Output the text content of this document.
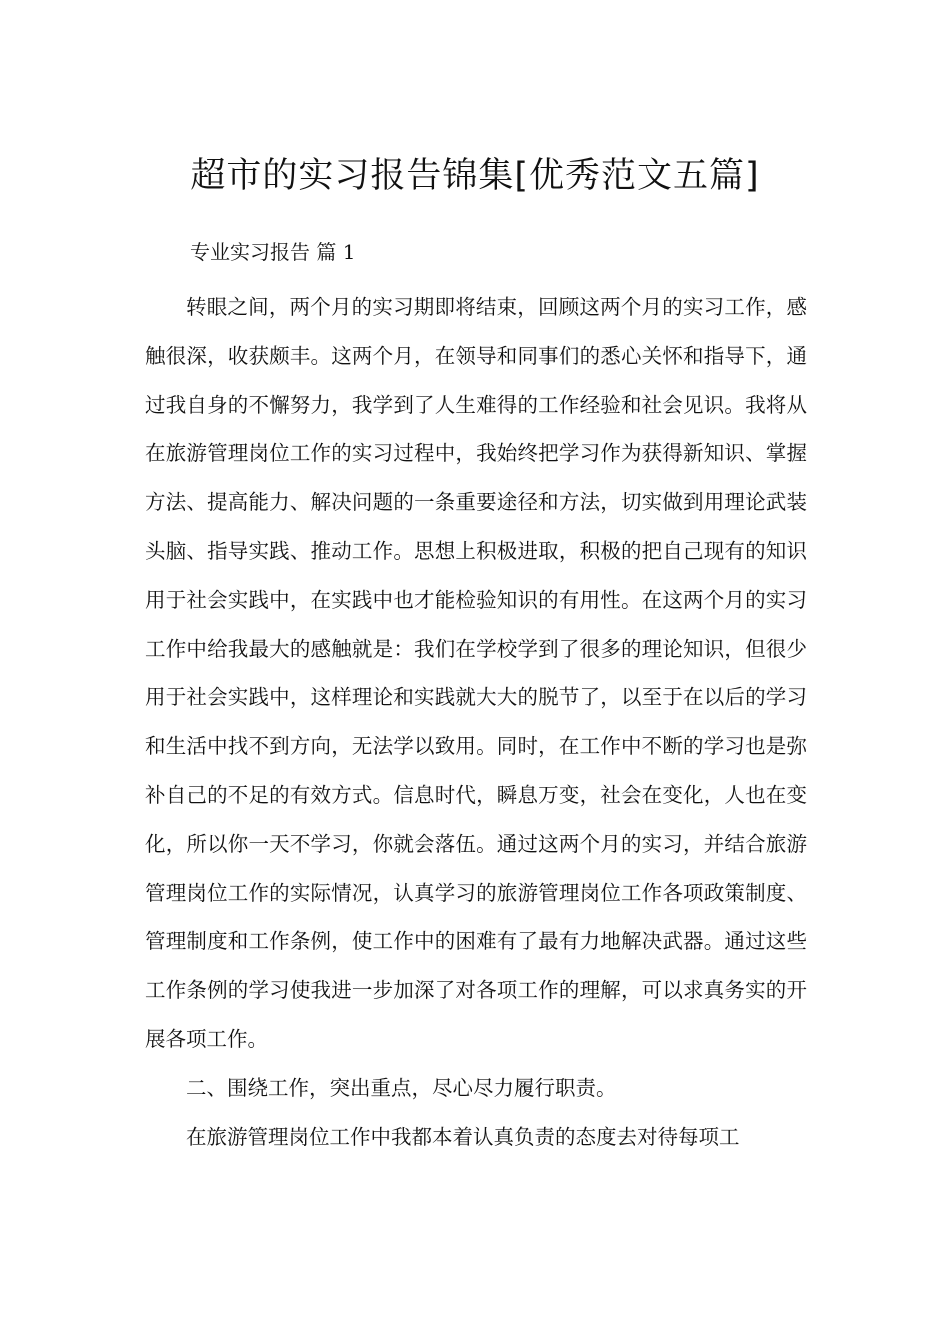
超市的实习报告锦集[优秀范文五篇]
专业实习报告 篇 1

转眼之间，两个月的实习期即将结束，回顾这两个月的实习工作，感触很深，收获颇丰。这两个月，在领导和同事们的悉心关怀和指导下，通过我自身的不懈努力，我学到了人生难得的工作经验和社会见识。我将从在旅游管理岗位工作的实习过程中，我始终把学习作为获得新知识、掌握方法、提高能力、解决问题的一条重要途径和方法，切实做到用理论武装头脑、指导实践、推动工作。思想上积极进取，积极的把自己现有的知识用于社会实践中，在实践中也才能检验知识的有用性。在这两个月的实习工作中给我最大的感触就是：我们在学校学到了很多的理论知识，但很少用于社会实践中，这样理论和实践就大大的脱节了，以至于在以后的学习和生活中找不到方向，无法学以致用。同时，在工作中不断的学习也是弥补自己的不足的有效方式。信息时代，瞬息万变，社会在变化，人也在变化，所以你一天不学习，你就会落伍。通过这两个月的实习，并结合旅游管理岗位工作的实际情况，认真学习的旅游管理岗位工作各项政策制度、管理制度和工作条例，使工作中的困难有了最有力地解决武器。通过这些工作条例的学习使我进一步加深了对各项工作的理解，可以求真务实的开展各项工作。

二、围绕工作，突出重点，尽心尽力履行职责。

在旅游管理岗位工作中我都本着认真负责的态度去对待每项工
